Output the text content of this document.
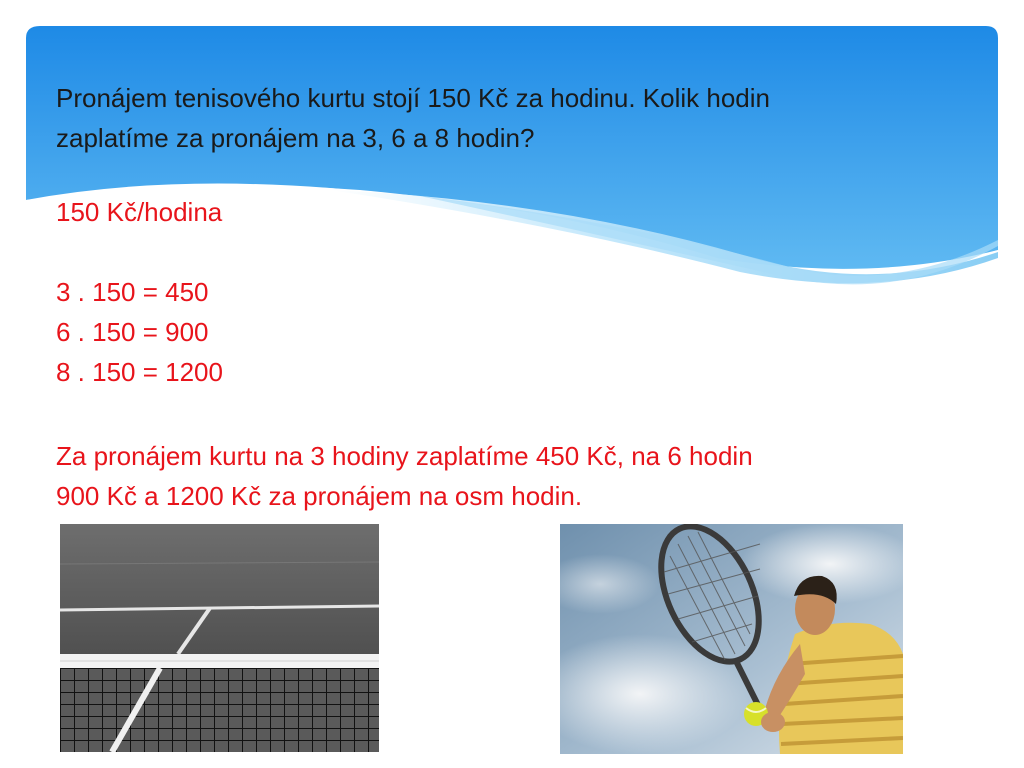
Pronájem tenisového kurtu stojí 150 Kč za hodinu. Kolik hodin
zaplatíme za pronájem na 3, 6 a 8 hodin?
150 Kč/hodina
3 . 150 = 450
6 . 150 = 900
8 . 150 = 1200
Za pronájem kurtu na 3 hodiny zaplatíme 450 Kč, na 6 hodin
900 Kč a 1200 Kč za pronájem na osm hodin.
